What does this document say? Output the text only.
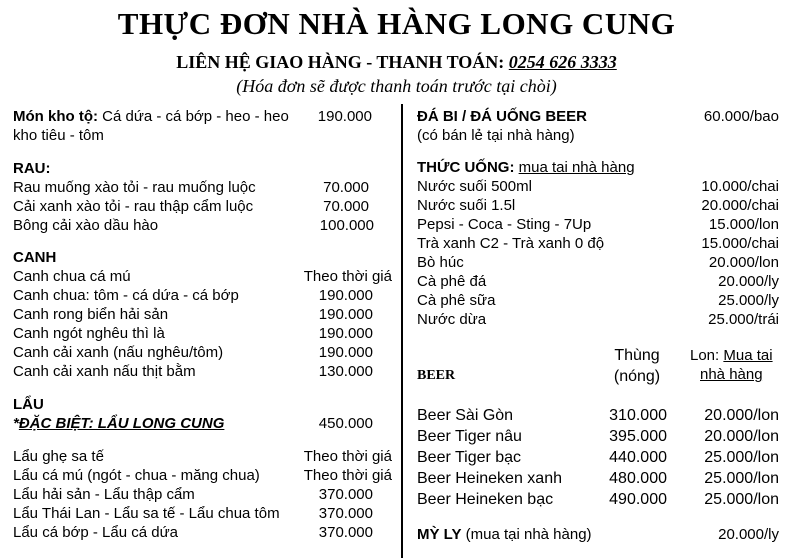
THỰC ĐƠN NHÀ HÀNG LONG CUNG
LIÊN HỆ GIAO HÀNG - THANH TOÁN: 0254 626 3333
(Hóa đơn sẽ được thanh toán trước tại chòi)
Món kho tộ: Cá dứa - cá bớp - heo - heo 190.000
kho tiêu - tôm
RAU:
Rau muống xào tỏi - rau muống luộc	70.000
Cải xanh xào tỏi - rau thập cẩm luộc	70.000
Bông cải xào dầu hào	100.000
CANH
Canh chua cá mú	Theo thời giá
Canh chua: tôm - cá dứa - cá bớp	190.000
Canh rong biển hải sản	190.000
Canh ngót nghêu thì là	190.000
Canh cải xanh (nấu nghêu/tôm)	190.000
Canh cải xanh nấu thịt bằm	130.000
LẨU
*ĐẶC BIỆT: LẨU LONG CUNG	450.000
Lẩu ghẹ sa tế	Theo thời giá
Lẩu cá mú (ngót - chua - măng chua)	Theo thời giá
Lẩu hải sản - Lẩu thập cẩm	370.000
Lẩu Thái Lan - Lẩu sa tế - Lẩu chua tôm	370.000
Lẩu cá bớp - Lẩu cá dứa	370.000
ĐÁ BI / ĐÁ UỐNG BEER	60.000/bao
(có bán lẻ tại nhà hàng)
THỨC UỐNG: mua tai nhà hàng
Nước suối 500ml	10.000/chai
Nước suối 1.5l	20.000/chai
Pepsi - Coca - Sting - 7Up	15.000/lon
Trà xanh C2 - Trà xanh 0 độ	15.000/chai
Bò húc	20.000/lon
Cà phê đá	20.000/ly
Cà phê sữa	25.000/ly
Nước dừa	25.000/trái
BEER
Thùng
(nóng)
Lon: Mua tai
nhà hàng
Beer Sài Gòn	310.000 20.000/lon
Beer Tiger nâu	395.000 20.000/lon
Beer Tiger bạc	440.000 25.000/lon
Beer Heineken xanh	480.000 25.000/lon
Beer Heineken bạc	490.000 25.000/lon
MỲ LY (mua tại nhà hàng)	20.000/ly
